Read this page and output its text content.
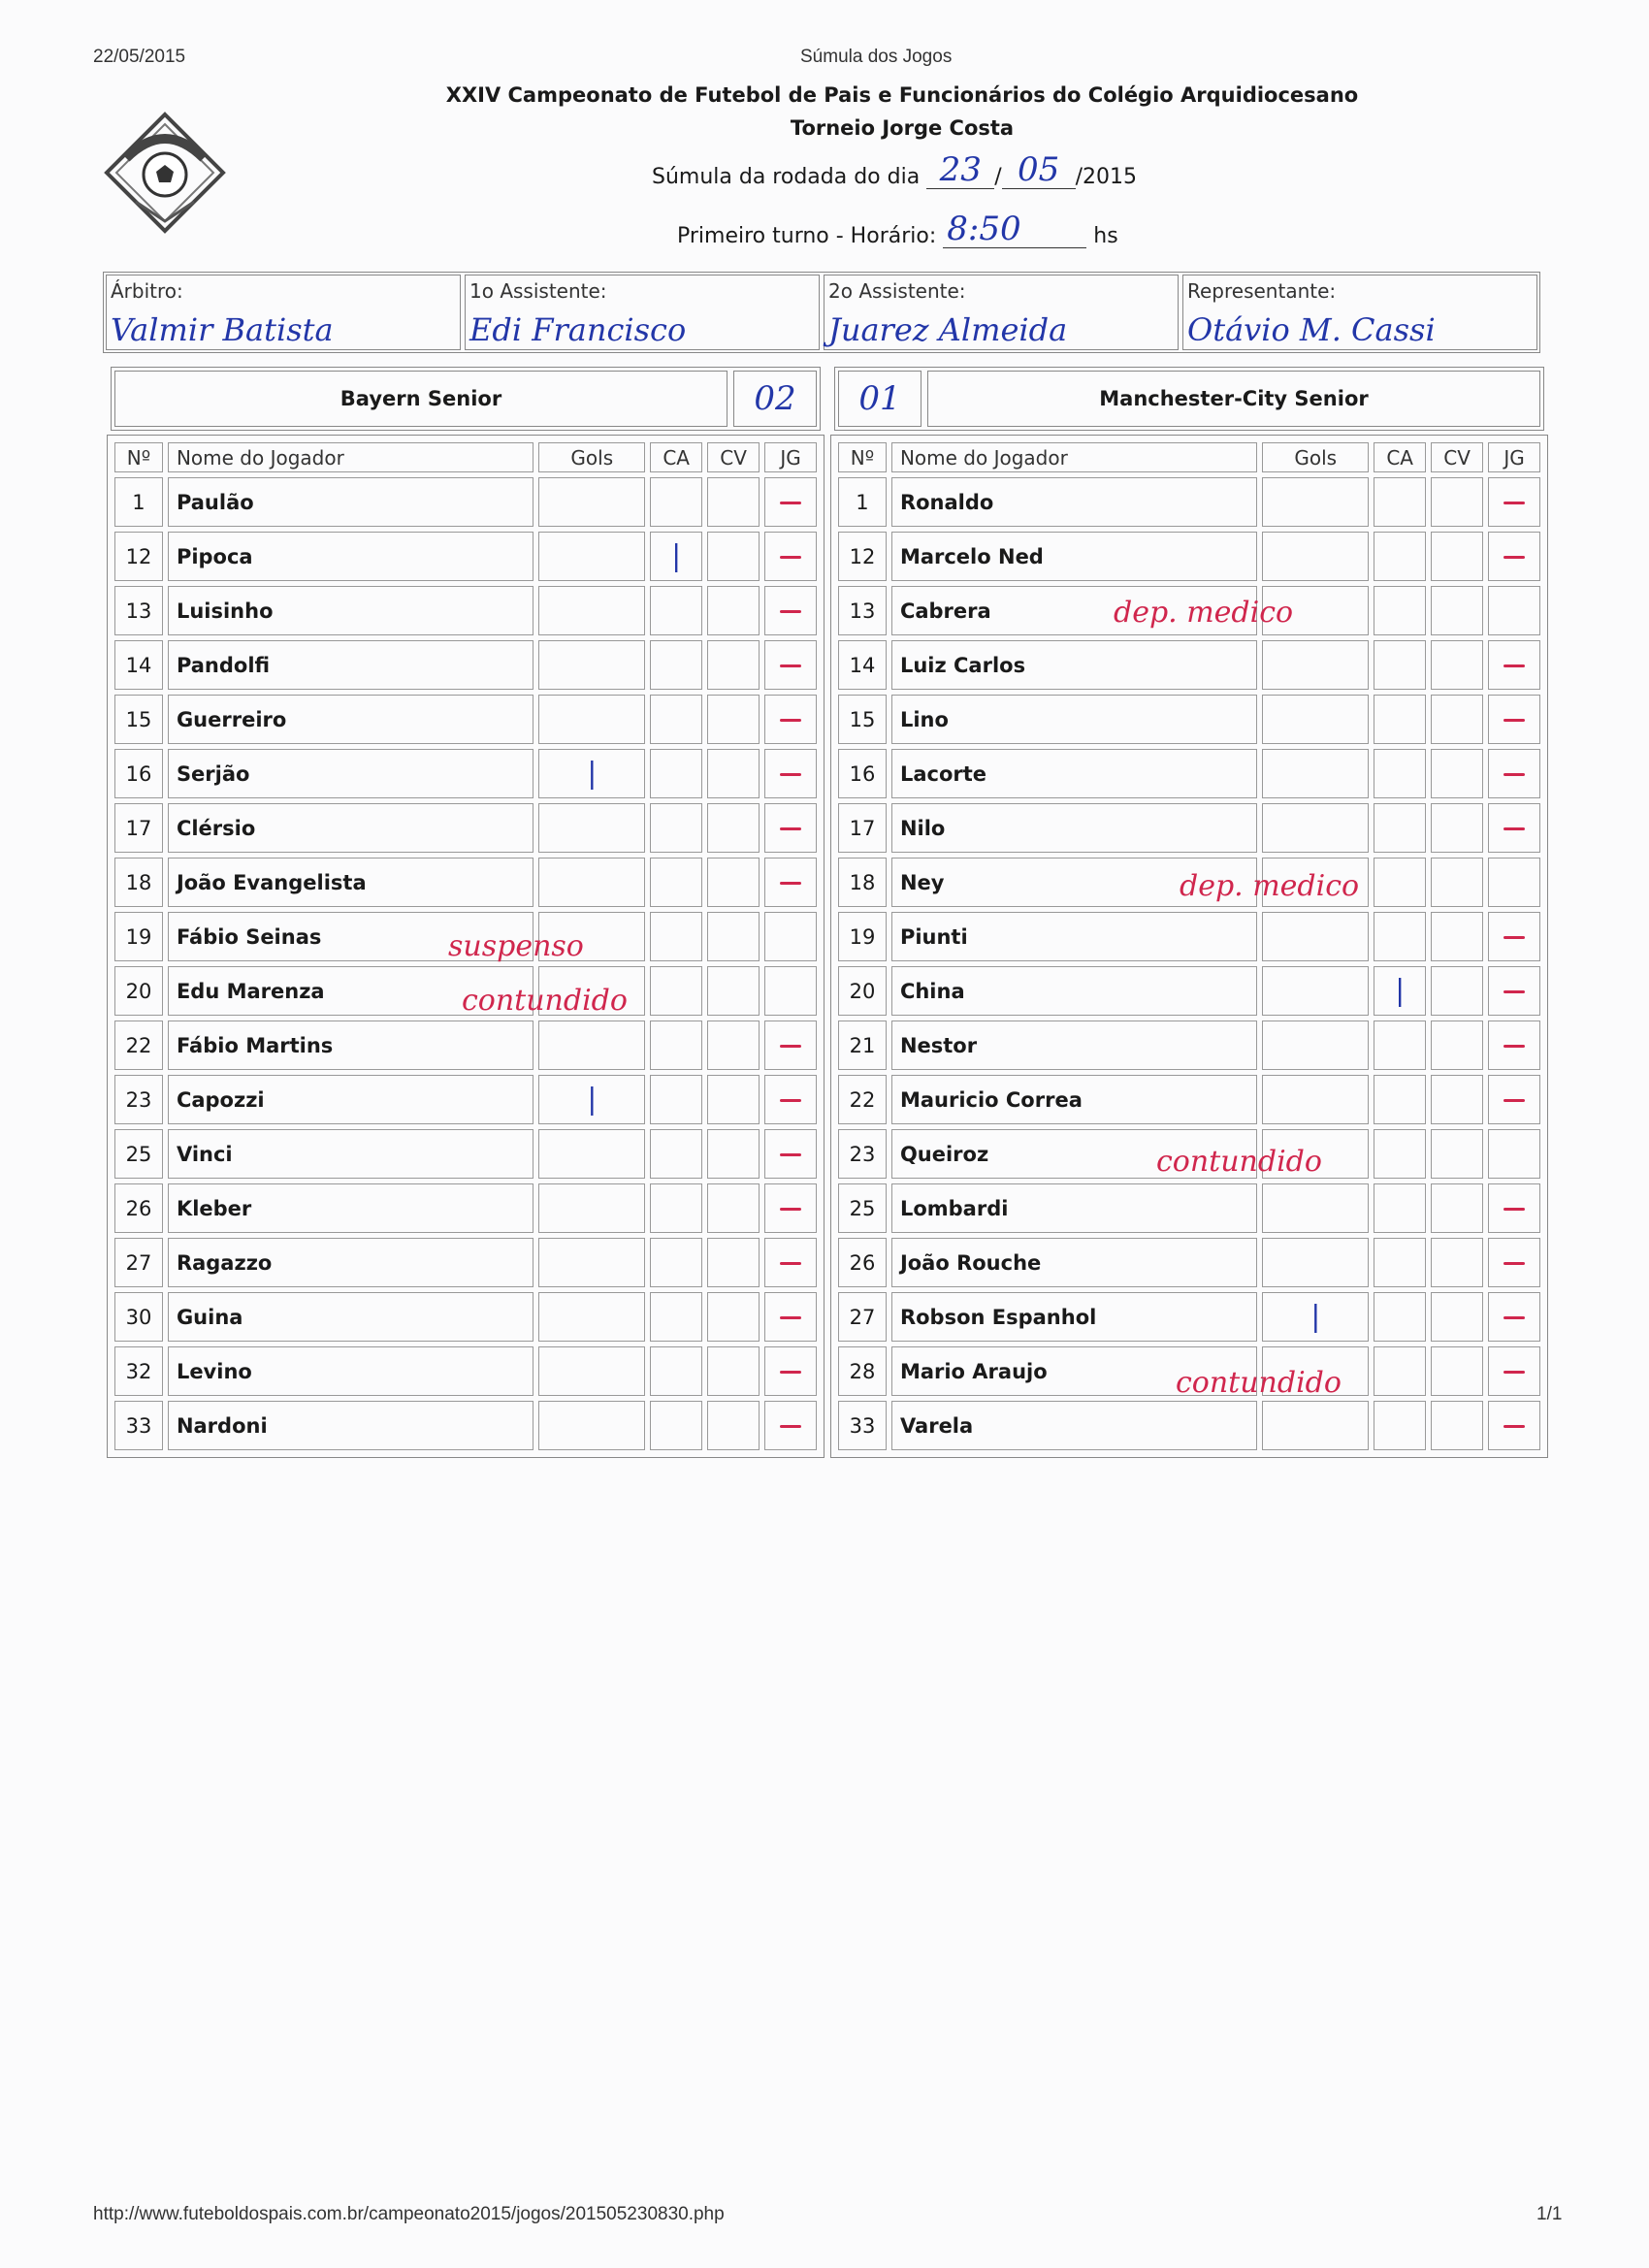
22/05/2015	Súmula dos Jogos
XXIV Campeonato de Futebol de Pais e Funcionários do Colégio Arquidiocesano
Torneio Jorge Costa
Súmula da rodada do dia 23 / 05 /2015
Primeiro turno - Horário: 8:50	hs
Árbitro:
Valmir Batista
1o Assistente:
Edi Francisco
2o Assistente:
Juarez Almeida
Representante:
Otávio M. Cassi
Bayern Senior	02 01	Manchester-City Senior
Nº	Nome do Jogador	Gols	CA	CV	JG
1	Paulão				
12	Pipoca		|		
13	Luisinho				
14	Pandolfi				
15	Guerreiro				
16	Serjão	|			
17	Clérsio				
18	João Evangelista				
19	Fábio Seinas				
20	Edu Marenza				
22	Fábio Martins				
23	Capozzi	|			
25	Vinci				
26	Kleber				
27	Ragazzo				
30	Guina				
32	Levino				
33	Nardoni				
Nº	Nome do Jogador	Gols	CA	CV	JG
1	Ronaldo				
12	Marcelo Ned				
13	Cabrera				
14	Luiz Carlos				
15	Lino				
16	Lacorte				
17	Nilo				
18	Ney				
19	Piunti				
20	China		|		
21	Nestor				
22	Mauricio Correa				
23	Queiroz				
25	Lombardi				
26	João Rouche				
27	Robson Espanhol	|			
28	Mario Araujo				
33	Varela				
suspenso
contundido
dep. medico
dep. medico
contundido
contundido
http://www.futeboldospais.com.br/campeonato2015/jogos/201505230830.php	1/1
